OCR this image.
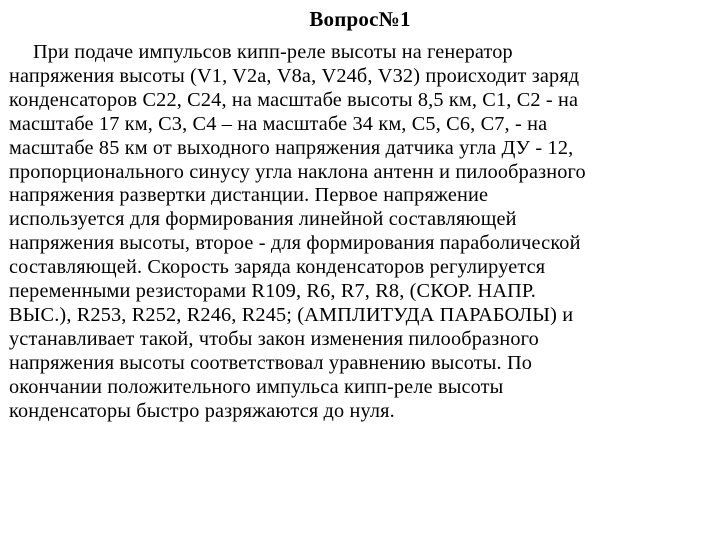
Вопрос№1
При подаче импульсов кипп-реле высоты на генератор
напряжения высоты (V1, V2а, V8а, V24б, V32) происходит заряд
конденсаторов С22, С24, на масштабе высоты 8,5 км, С1, С2 - на
масштабе 17 км, С3, С4 – на масштабе 34 км, С5, С6, С7, - на
масштабе 85 км от выходного напряжения датчика угла ДУ - 12,
пропорционального синусу угла наклона антенн и пилообразного
напряжения развертки дистанции. Первое напряжение
используется для формирования линейной составляющей
напряжения высоты, второе - для формирования параболической
составляющей. Скорость заряда конденсаторов регулируется
переменными резисторами R109, R6, R7, R8, (СКОР. НАПР.
ВЫС.), R253, R252, R246, R245; (АМПЛИТУДА ПАРАБОЛЫ) и
устанавливает такой, чтобы закон изменения пилообразного
напряжения высоты соответствовал уравнению высоты. По
окончании положительного импульса кипп-реле высоты
конденсаторы быстро разряжаются до нуля.
